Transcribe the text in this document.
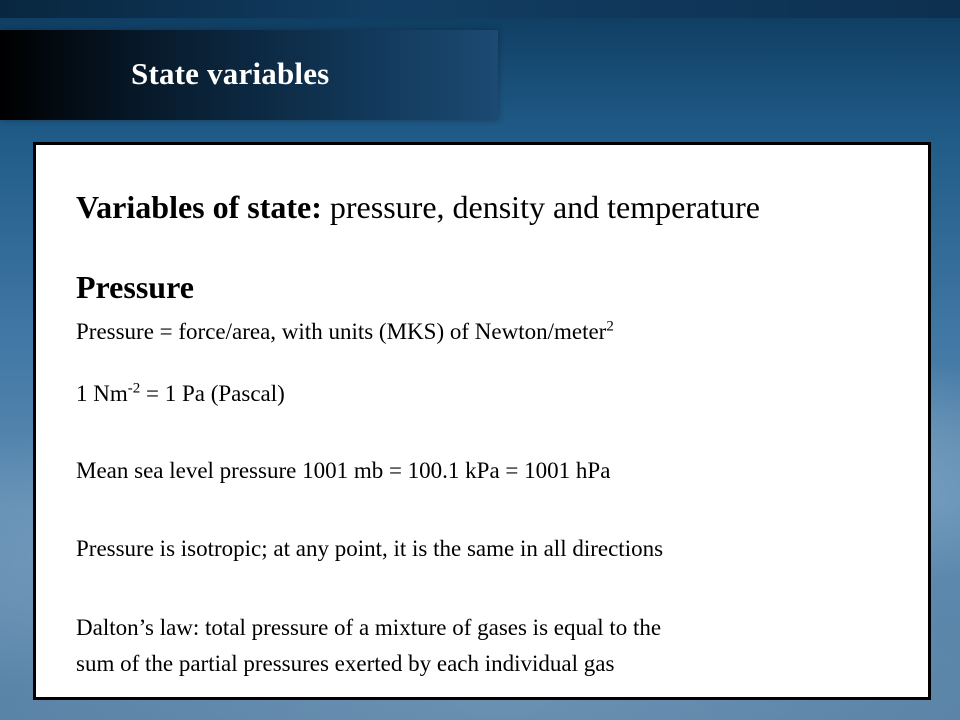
State variables
Variables of state: pressure, density and temperature
Pressure
Pressure = force/area, with units (MKS) of Newton/meter$^2$
1 $Nm^{-2} = 1$ Pa (Pascal)
Mean sea level pressure 1001 mb = 100.1 kPa = 1001 hPa
Pressure is isotropic; at any point, it is the same in all directions
Dalton’s law: total pressure of a mixture of gases is equal to the
sum of the partial pressures exerted by each individual gas
